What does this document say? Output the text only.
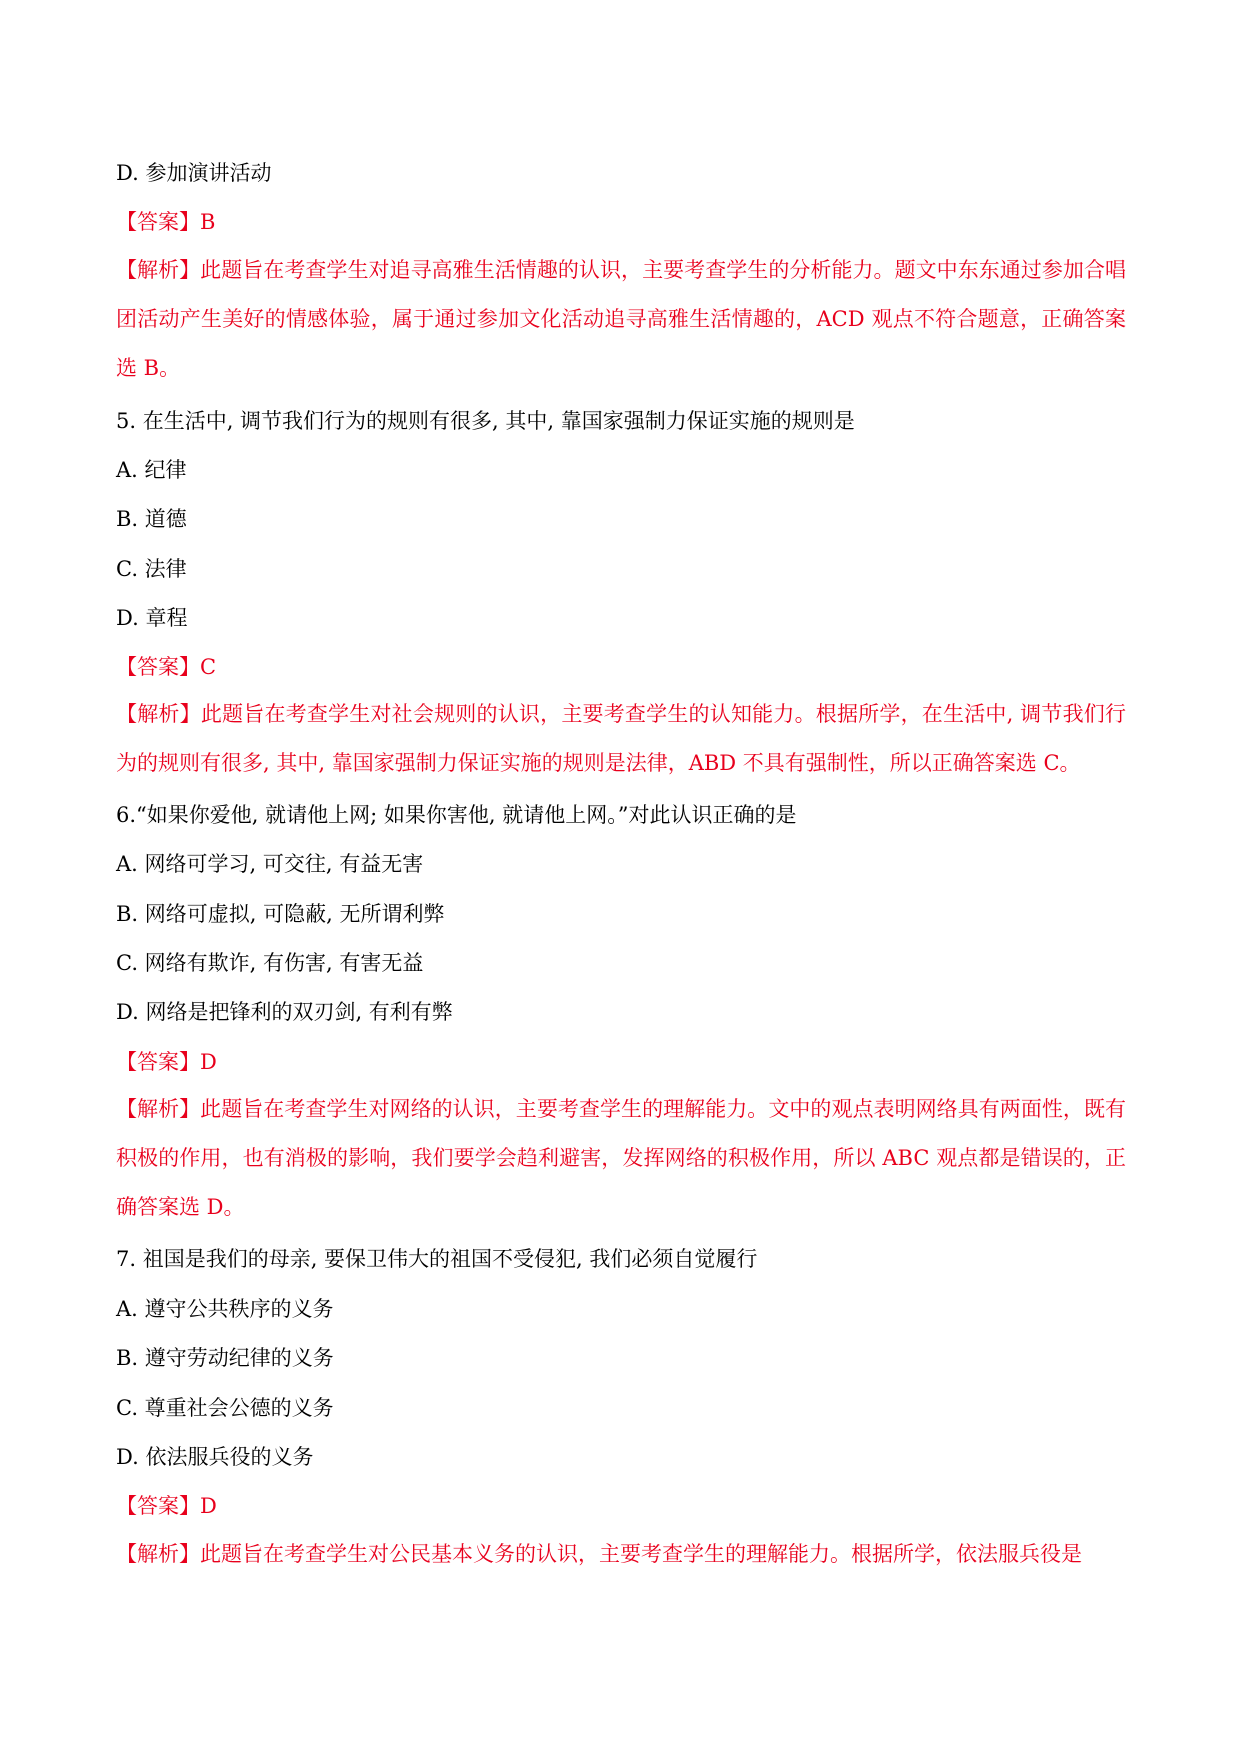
D. 参加演讲活动
【答案】B
【解析】此题旨在考查学生对追寻高雅生活情趣的认识，主要考查学生的分析能力。题文中东东通过参加合唱团活动产生美好的情感体验，属于通过参加文化活动追寻高雅生活情趣的，ACD 观点不符合题意，正确答案选 B。
5. 在生活中, 调节我们行为的规则有很多, 其中, 靠国家强制力保证实施的规则是
A. 纪律
B. 道德
C. 法律
D. 章程
【答案】C
【解析】此题旨在考查学生对社会规则的认识，主要考查学生的认知能力。根据所学，在生活中, 调节我们行为的规则有很多, 其中, 靠国家强制力保证实施的规则是法律，ABD 不具有强制性，所以正确答案选 C。
6.“如果你爱他, 就请他上网; 如果你害他, 就请他上网。”对此认识正确的是
A. 网络可学习, 可交往, 有益无害
B. 网络可虚拟, 可隐蔽, 无所谓利弊
C. 网络有欺诈, 有伤害, 有害无益
D. 网络是把锋利的双刃剑, 有利有弊
【答案】D
【解析】此题旨在考查学生对网络的认识，主要考查学生的理解能力。文中的观点表明网络具有两面性，既有积极的作用，也有消极的影响，我们要学会趋利避害，发挥网络的积极作用，所以 ABC 观点都是错误的，正确答案选 D。
7. 祖国是我们的母亲, 要保卫伟大的祖国不受侵犯, 我们必须自觉履行
A. 遵守公共秩序的义务
B. 遵守劳动纪律的义务
C. 尊重社会公德的义务
D. 依法服兵役的义务
【答案】D
【解析】此题旨在考查学生对公民基本义务的认识，主要考查学生的理解能力。根据所学，依法服兵役是
